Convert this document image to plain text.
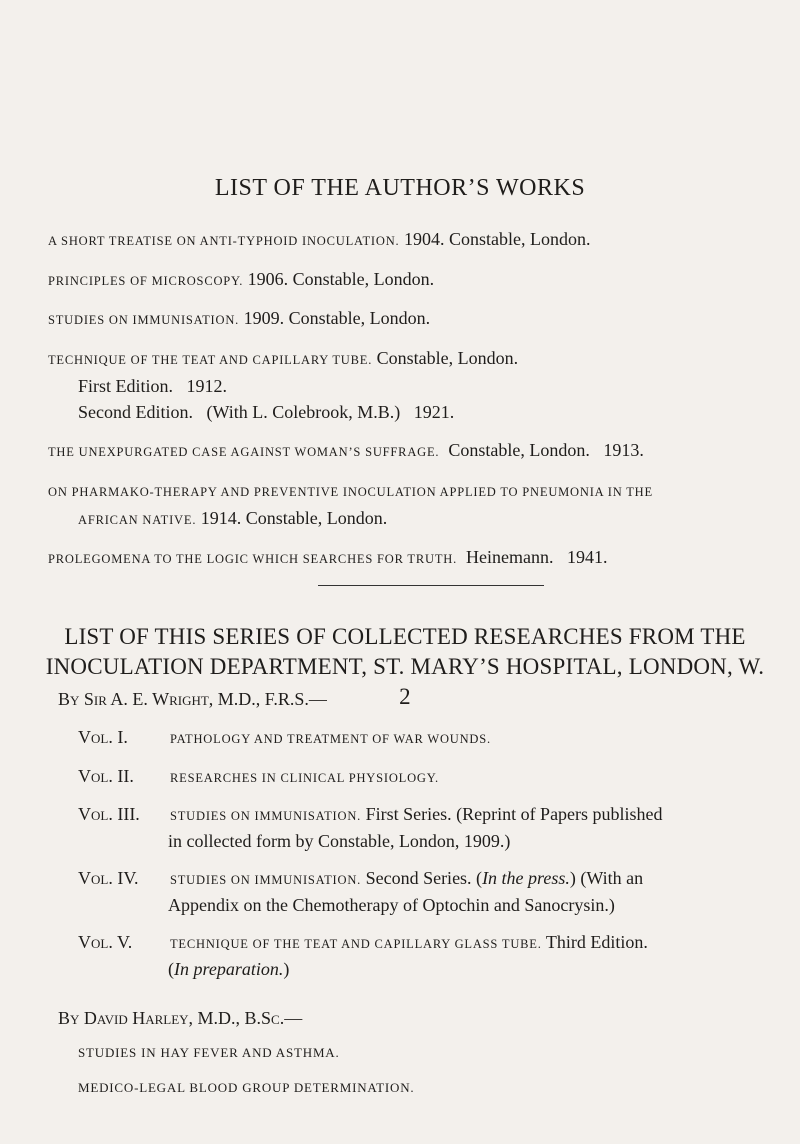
LIST OF THE AUTHOR’S WORKS
A SHORT TREATISE ON ANTI-TYPHOID INOCULATION. 1904. Constable, London.
PRINCIPLES OF MICROSCOPY. 1906. Constable, London.
STUDIES ON IMMUNISATION. 1909. Constable, London.
TECHNIQUE OF THE TEAT AND CAPILLARY TUBE. Constable, London.
First Edition.   1912.
Second Edition.   (With L. Colebrook, M.B.)   1921.
THE UNEXPURGATED CASE AGAINST WOMAN’S SUFFRAGE. Constable, London.   1913.
ON PHARMAKO-THERAPY AND PREVENTIVE INOCULATION APPLIED TO PNEUMONIA IN THE
AFRICAN NATIVE. 1914. Constable, London.
PROLEGOMENA TO THE LOGIC WHICH SEARCHES FOR TRUTH. Heinemann.   1941.
LIST OF THIS SERIES OF COLLECTED RESEARCHES FROM THE
INOCULATION DEPARTMENT, ST. MARY’S HOSPITAL, LONDON, W. 2
By Sir A. E. Wright, M.D., F.R.S.—
Vol. I.	PATHOLOGY AND TREATMENT OF WAR WOUNDS.
Vol. II.	RESEARCHES IN CLINICAL PHYSIOLOGY.
Vol. III. STUDIES ON IMMUNISATION. First Series. (Reprint of Papers published
in collected form by Constable, London, 1909.)
Vol. IV.	STUDIES ON IMMUNISATION. Second Series. (In the press.) (With an
Appendix on the Chemotherapy of Optochin and Sanocrysin.)
Vol. V.	TECHNIQUE OF THE TEAT AND CAPILLARY GLASS TUBE. Third Edition.
(In preparation.)
By David Harley, M.D., B.Sc.—
STUDIES IN HAY FEVER AND ASTHMA.
MEDICO-LEGAL BLOOD GROUP DETERMINATION.
